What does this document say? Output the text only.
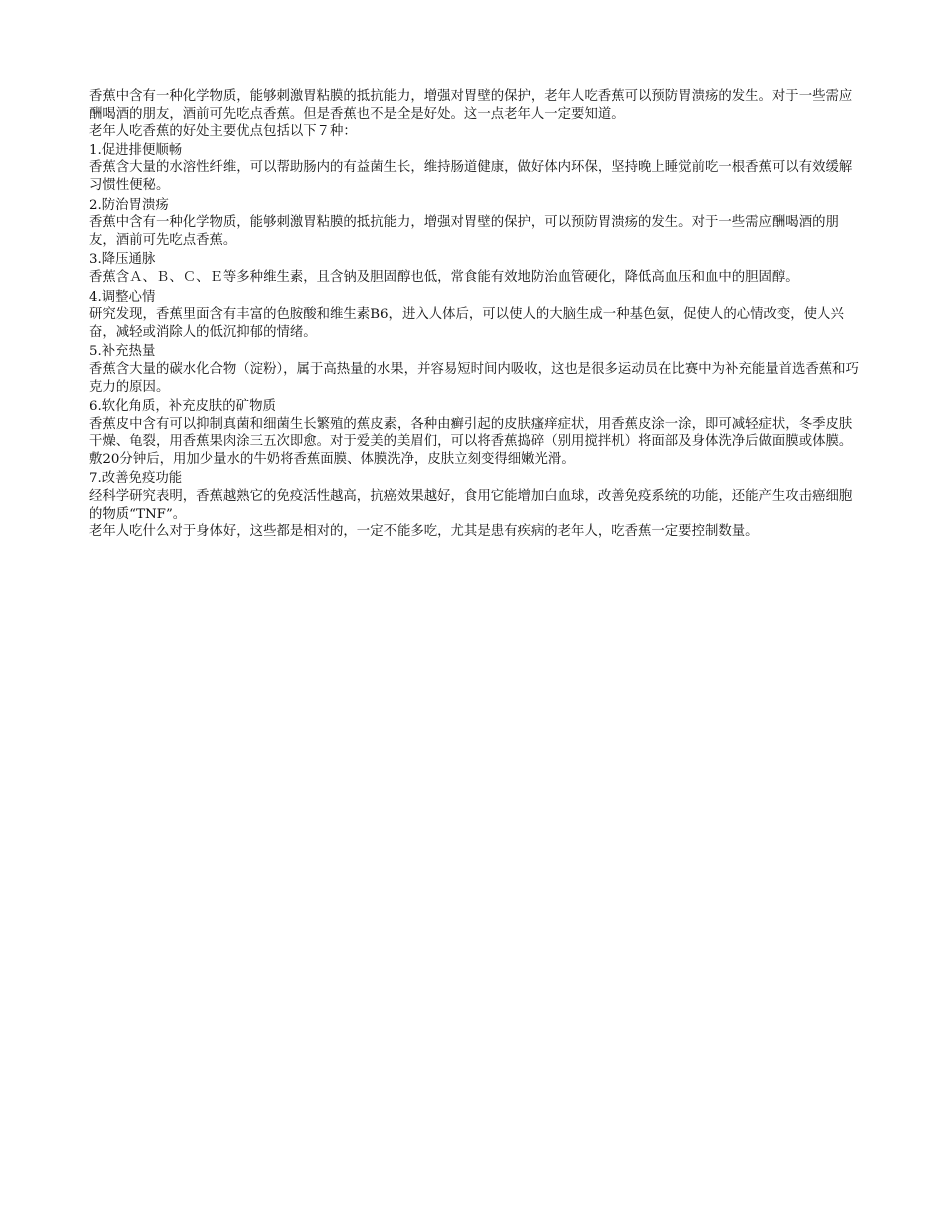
香蕉中含有一种化学物质，能够刺激胃粘膜的抵抗能力，增强对胃壁的保护，老年人吃香蕉可以预防胃溃疡的发生。对于一些需应酬喝酒的朋友，酒前可先吃点香蕉。但是香蕉也不是全是好处。这一点老年人一定要知道。

老年人吃香蕉的好处主要优点包括以下７种：

1.促进排便顺畅

香蕉含大量的水溶性纤维，可以帮助肠内的有益菌生长，维持肠道健康，做好体内环保，坚持晚上睡觉前吃一根香蕉可以有效缓解习惯性便秘。

2.防治胃溃疡

香蕉中含有一种化学物质，能够刺激胃粘膜的抵抗能力，增强对胃壁的保护，可以预防胃溃疡的发生。对于一些需应酬喝酒的朋友，酒前可先吃点香蕉。

3.降压通脉

香蕉含Ａ、Ｂ、Ｃ、Ｅ等多种维生素，且含钠及胆固醇也低，常食能有效地防治血管硬化，降低高血压和血中的胆固醇。

4.调整心情

研究发现，香蕉里面含有丰富的色胺酸和维生素B6，进入人体后，可以使人的大脑生成一种基色氨，促使人的心情改变，使人兴奋，减轻或消除人的低沉抑郁的情绪。

5.补充热量

香蕉含大量的碳水化合物（淀粉），属于高热量的水果，并容易短时间内吸收，这也是很多运动员在比赛中为补充能量首选香蕉和巧克力的原因。

6.软化角质，补充皮肤的矿物质

香蕉皮中含有可以抑制真菌和细菌生长繁殖的蕉皮素，各种由癣引起的皮肤瘙痒症状，用香蕉皮涂一涂，即可减轻症状，冬季皮肤干燥、龟裂，用香蕉果肉涂三五次即愈。对于爱美的美眉们，可以将香蕉捣碎（别用搅拌机）将面部及身体洗净后做面膜或体膜。敷20分钟后，用加少量水的牛奶将香蕉面膜、体膜洗净，皮肤立刻变得细嫩光滑。

7.改善免疫功能

经科学研究表明，香蕉越熟它的免疫活性越高，抗癌效果越好，食用它能增加白血球，改善免疫系统的功能，还能产生攻击癌细胞的物质“TNF”。

老年人吃什么对于身体好，这些都是相对的，一定不能多吃，尤其是患有疾病的老年人，吃香蕉一定要控制数量。
